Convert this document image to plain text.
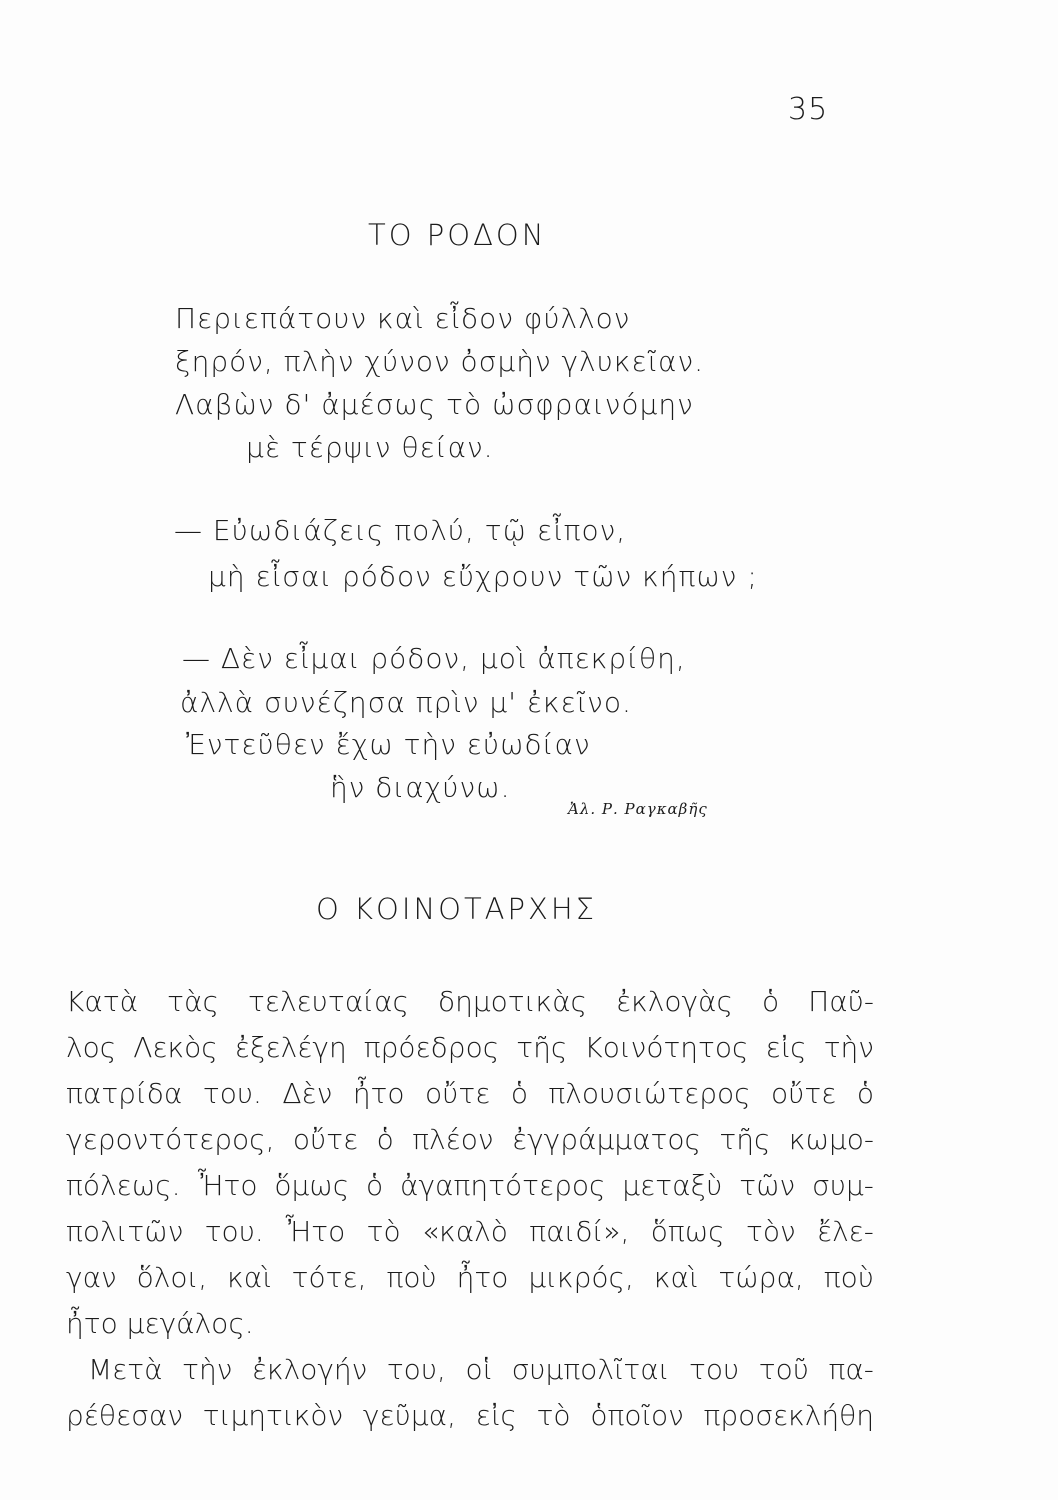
35
ΤΟ ΡΟΔΟΝ
Περιεπάτουν καὶ εἶδον φύλλον
ξηρόν, πλὴν χύνον ὀσμὴν γλυκεῖαν.
Λαβὼν δ' ἀμέσως τὸ ὠσφραινόμην
μὲ τέρψιν θείαν.
— Εὐωδιάζεις πολύ, τῷ εἶπον,
μὴ εἶσαι ρόδον εὔχρουν τῶν κήπων ;
— Δὲν εἶμαι ρόδον, μοὶ ἀπεκρίθη,
ἀλλὰ συνέζησα πρὶν μ' ἐκεῖνο.
Ἐντεῦθεν ἔχω τὴν εὐωδίαν
ἣν διαχύνω.
Ἀλ. Ρ. Ραγκαβῆς
Ο ΚΟΙΝΟΤΑΡΧΗΣ
Κατὰ τὰς τελευταίας δημοτικὰς ἐκλογὰς ὁ Παῦ-
λος Λεκὸς ἐξελέγη πρόεδρος τῆς Κοινότητος εἰς τὴν
πατρίδα του. Δὲν ἦτο οὔτε ὁ πλουσιώτερος οὔτε ὁ
γεροντότερος, οὔτε ὁ πλέον ἐγγράμματος τῆς κωμο-
πόλεως. Ἦτο ὅμως ὁ ἀγαπητότερος μεταξὺ τῶν συμ-
πολιτῶν του. Ἦτο τὸ «καλὸ παιδί», ὅπως τὸν ἔλε-
γαν ὅλοι, καὶ τότε, ποὺ ἦτο μικρός, καὶ τώρα, ποὺ
ἦτο μεγάλος.
Μετὰ τὴν ἐκλογήν του, οἱ συμπολῖται του τοῦ πα-
ρέθεσαν τιμητικὸν γεῦμα, εἰς τὸ ὁποῖον προσεκλήθη
